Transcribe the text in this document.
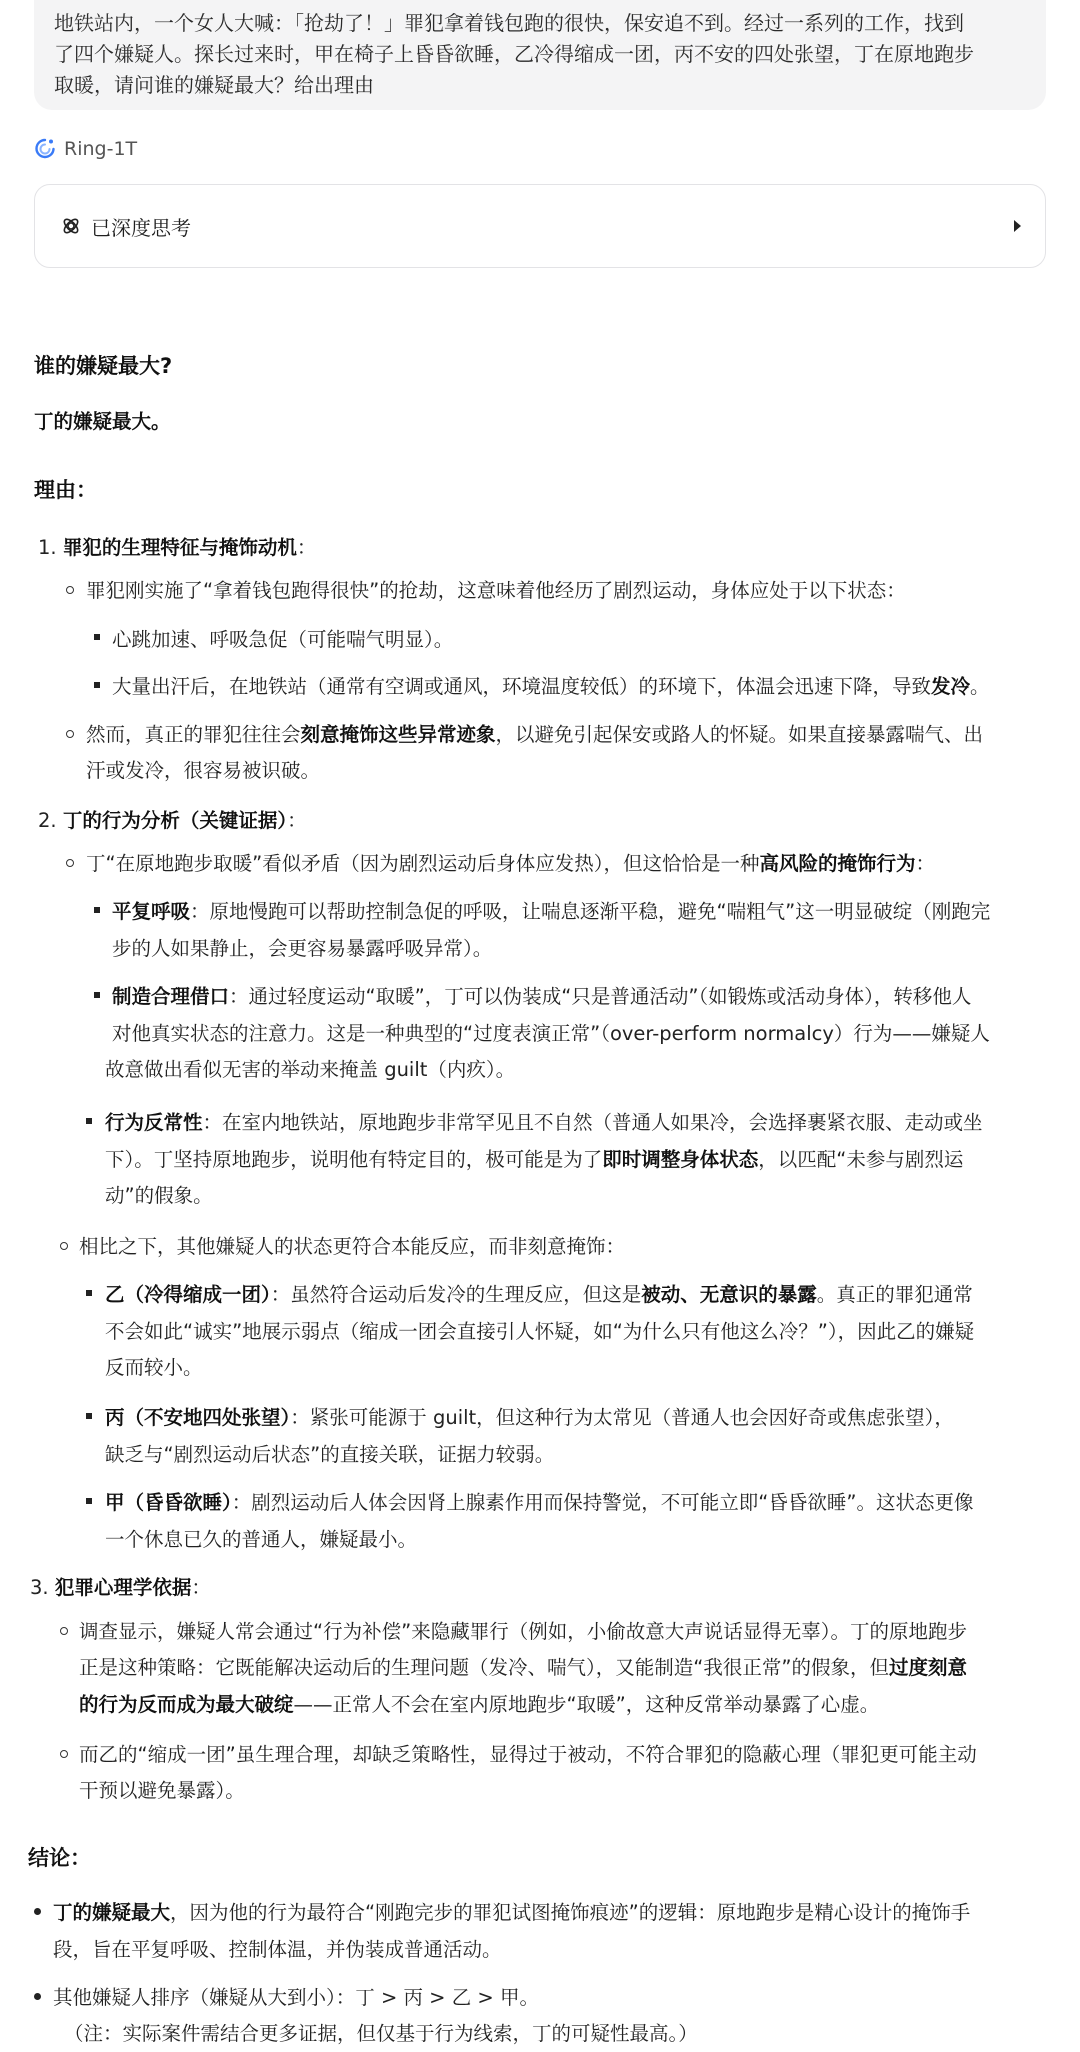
地铁站内，一个女人大喊：「抢劫了！」罪犯拿着钱包跑的很快，保安追不到。经过一系列的工作，找到
了四个嫌疑人。探长过来时，甲在椅子上昏昏欲睡，乙冷得缩成一团，丙不安的四处张望，丁在原地跑步
取暖，请问谁的嫌疑最大？给出理由
Ring-1T
已深度思考
谁的嫌疑最大?
丁的嫌疑最大。
理由：
1. 罪犯的生理特征与掩饰动机：
罪犯刚实施了“拿着钱包跑得很快”的抢劫，这意味着他经历了剧烈运动，身体应处于以下状态：
心跳加速、呼吸急促（可能喘气明显）。
大量出汗后，在地铁站（通常有空调或通风，环境温度较低）的环境下，体温会迅速下降，导致发冷。
然而，真正的罪犯往往会刻意掩饰这些异常迹象，以避免引起保安或路人的怀疑。如果直接暴露喘气、出
汗或发冷，很容易被识破。
2. 丁的行为分析（关键证据）：
丁“在原地跑步取暖”看似矛盾（因为剧烈运动后身体应发热），但这恰恰是一种高风险的掩饰行为：
平复呼吸：原地慢跑可以帮助控制急促的呼吸，让喘息逐渐平稳，避免“喘粗气”这一明显破绽（刚跑完
步的人如果静止，会更容易暴露呼吸异常）。
制造合理借口：通过轻度运动“取暖”，丁可以伪装成“只是普通活动”（如锻炼或活动身体），转移他人
对他真实状态的注意力。这是一种典型的“过度表演正常”（over-perform normalcy）行为——嫌疑人
故意做出看似无害的举动来掩盖 guilt（内疚）。
行为反常性：在室内地铁站，原地跑步非常罕见且不自然（普通人如果冷，会选择裹紧衣服、走动或坐
下）。丁坚持原地跑步，说明他有特定目的，极可能是为了即时调整身体状态，以匹配“未参与剧烈运
动”的假象。
相比之下，其他嫌疑人的状态更符合本能反应，而非刻意掩饰：
乙（冷得缩成一团）：虽然符合运动后发冷的生理反应，但这是被动、无意识的暴露。真正的罪犯通常
不会如此“诚实”地展示弱点（缩成一团会直接引人怀疑，如“为什么只有他这么冷？”），因此乙的嫌疑
反而较小。
丙（不安地四处张望）：紧张可能源于 guilt，但这种行为太常见（普通人也会因好奇或焦虑张望），
缺乏与“剧烈运动后状态”的直接关联，证据力较弱。
甲（昏昏欲睡）：剧烈运动后人体会因肾上腺素作用而保持警觉，不可能立即“昏昏欲睡”。这状态更像
一个休息已久的普通人，嫌疑最小。
3. 犯罪心理学依据：
调查显示，嫌疑人常会通过“行为补偿”来隐藏罪行（例如，小偷故意大声说话显得无辜）。丁的原地跑步
正是这种策略：它既能解决运动后的生理问题（发冷、喘气），又能制造“我很正常”的假象，但过度刻意
的行为反而成为最大破绽——正常人不会在室内原地跑步“取暖”，这种反常举动暴露了心虚。
而乙的“缩成一团”虽生理合理，却缺乏策略性，显得过于被动，不符合罪犯的隐蔽心理（罪犯更可能主动
干预以避免暴露）。
结论：
丁的嫌疑最大，因为他的行为最符合“刚跑完步的罪犯试图掩饰痕迹”的逻辑：原地跑步是精心设计的掩饰手
段，旨在平复呼吸、控制体温，并伪装成普通活动。
其他嫌疑人排序（嫌疑从大到小）：丁 > 丙 > 乙 > 甲。
（注：实际案件需结合更多证据，但仅基于行为线索，丁的可疑性最高。）
